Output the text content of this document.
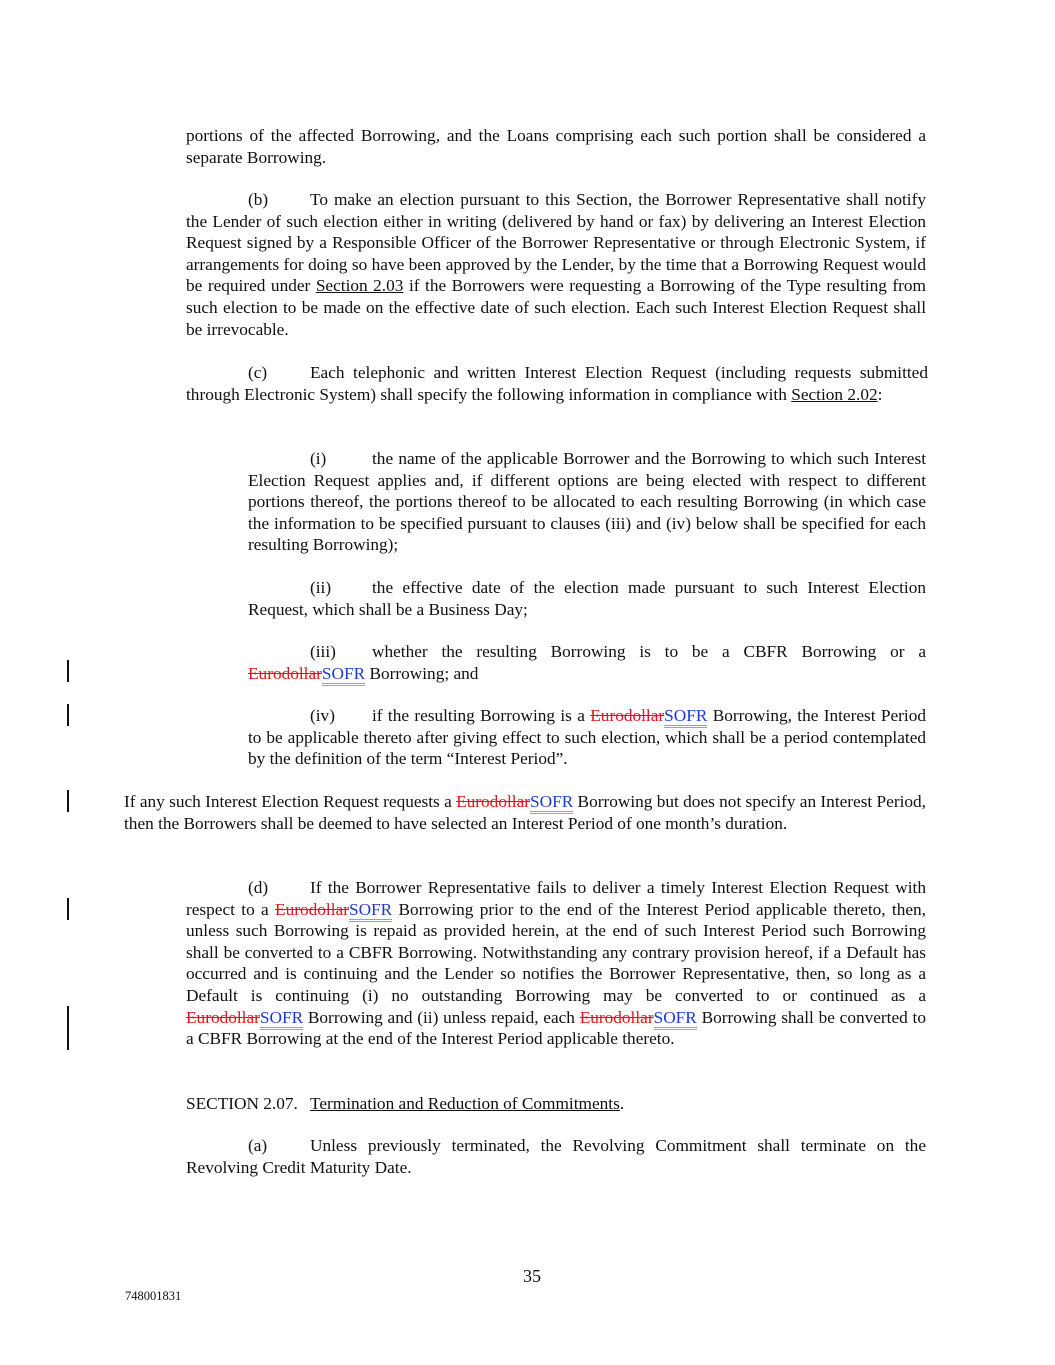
portions of the affected Borrowing, and the Loans comprising each such portion shall be considered a separate Borrowing.
(b) To make an election pursuant to this Section, the Borrower Representative shall notify the Lender of such election either in writing (delivered by hand or fax) by delivering an Interest Election Request signed by a Responsible Officer of the Borrower Representative or through Electronic System, if arrangements for doing so have been approved by the Lender, by the time that a Borrowing Request would be required under Section 2.03 if the Borrowers were requesting a Borrowing of the Type resulting from such election to be made on the effective date of such election. Each such Interest Election Request shall be irrevocable.
(c) Each telephonic and written Interest Election Request (including requests submitted through Electronic System) shall specify the following information in compliance with Section 2.02:
(i)	the name of the applicable Borrower and the Borrowing to which such Interest Election Request applies and, if different options are being elected with respect to different portions thereof, the portions thereof to be allocated to each resulting Borrowing (in which case the information to be specified pursuant to clauses (iii) and (iv) below shall be specified for each resulting Borrowing);
(ii) the effective date of the election made pursuant to such Interest Election Request, which shall be a Business Day;
(iii) whether the resulting Borrowing is to be a CBFR Borrowing or a
EurodollarSOFR Borrowing; and
(iv) if the resulting Borrowing is a EurodollarSOFR Borrowing, the Interest Period to be applicable thereto after giving effect to such election, which shall be a period contemplated by the definition of the term “Interest Period”.
If any such Interest Election Request requests a EurodollarSOFR Borrowing but does not specify an Interest Period, then the Borrowers shall be deemed to have selected an Interest Period of one month’s duration.
(d) If the Borrower Representative fails to deliver a timely Interest Election Request with respect to a EurodollarSOFR Borrowing prior to the end of the Interest Period applicable thereto, then, unless such Borrowing is repaid as provided herein, at the end of such Interest Period such Borrowing shall be converted to a CBFR Borrowing. Notwithstanding any contrary provision hereof, if a Default has occurred and is continuing and the Lender so notifies the Borrower Representative, then, so long as a Default is continuing (i) no outstanding Borrowing may be converted to or continued as a EurodollarSOFR Borrowing and (ii) unless repaid, each EurodollarSOFR Borrowing shall be converted to a CBFR Borrowing at the end of the Interest Period applicable thereto.
SECTION 2.07. Termination and Reduction of Commitments.
(a) Unless previously terminated, the Revolving Commitment shall terminate on the Revolving Credit Maturity Date.
35
748001831
